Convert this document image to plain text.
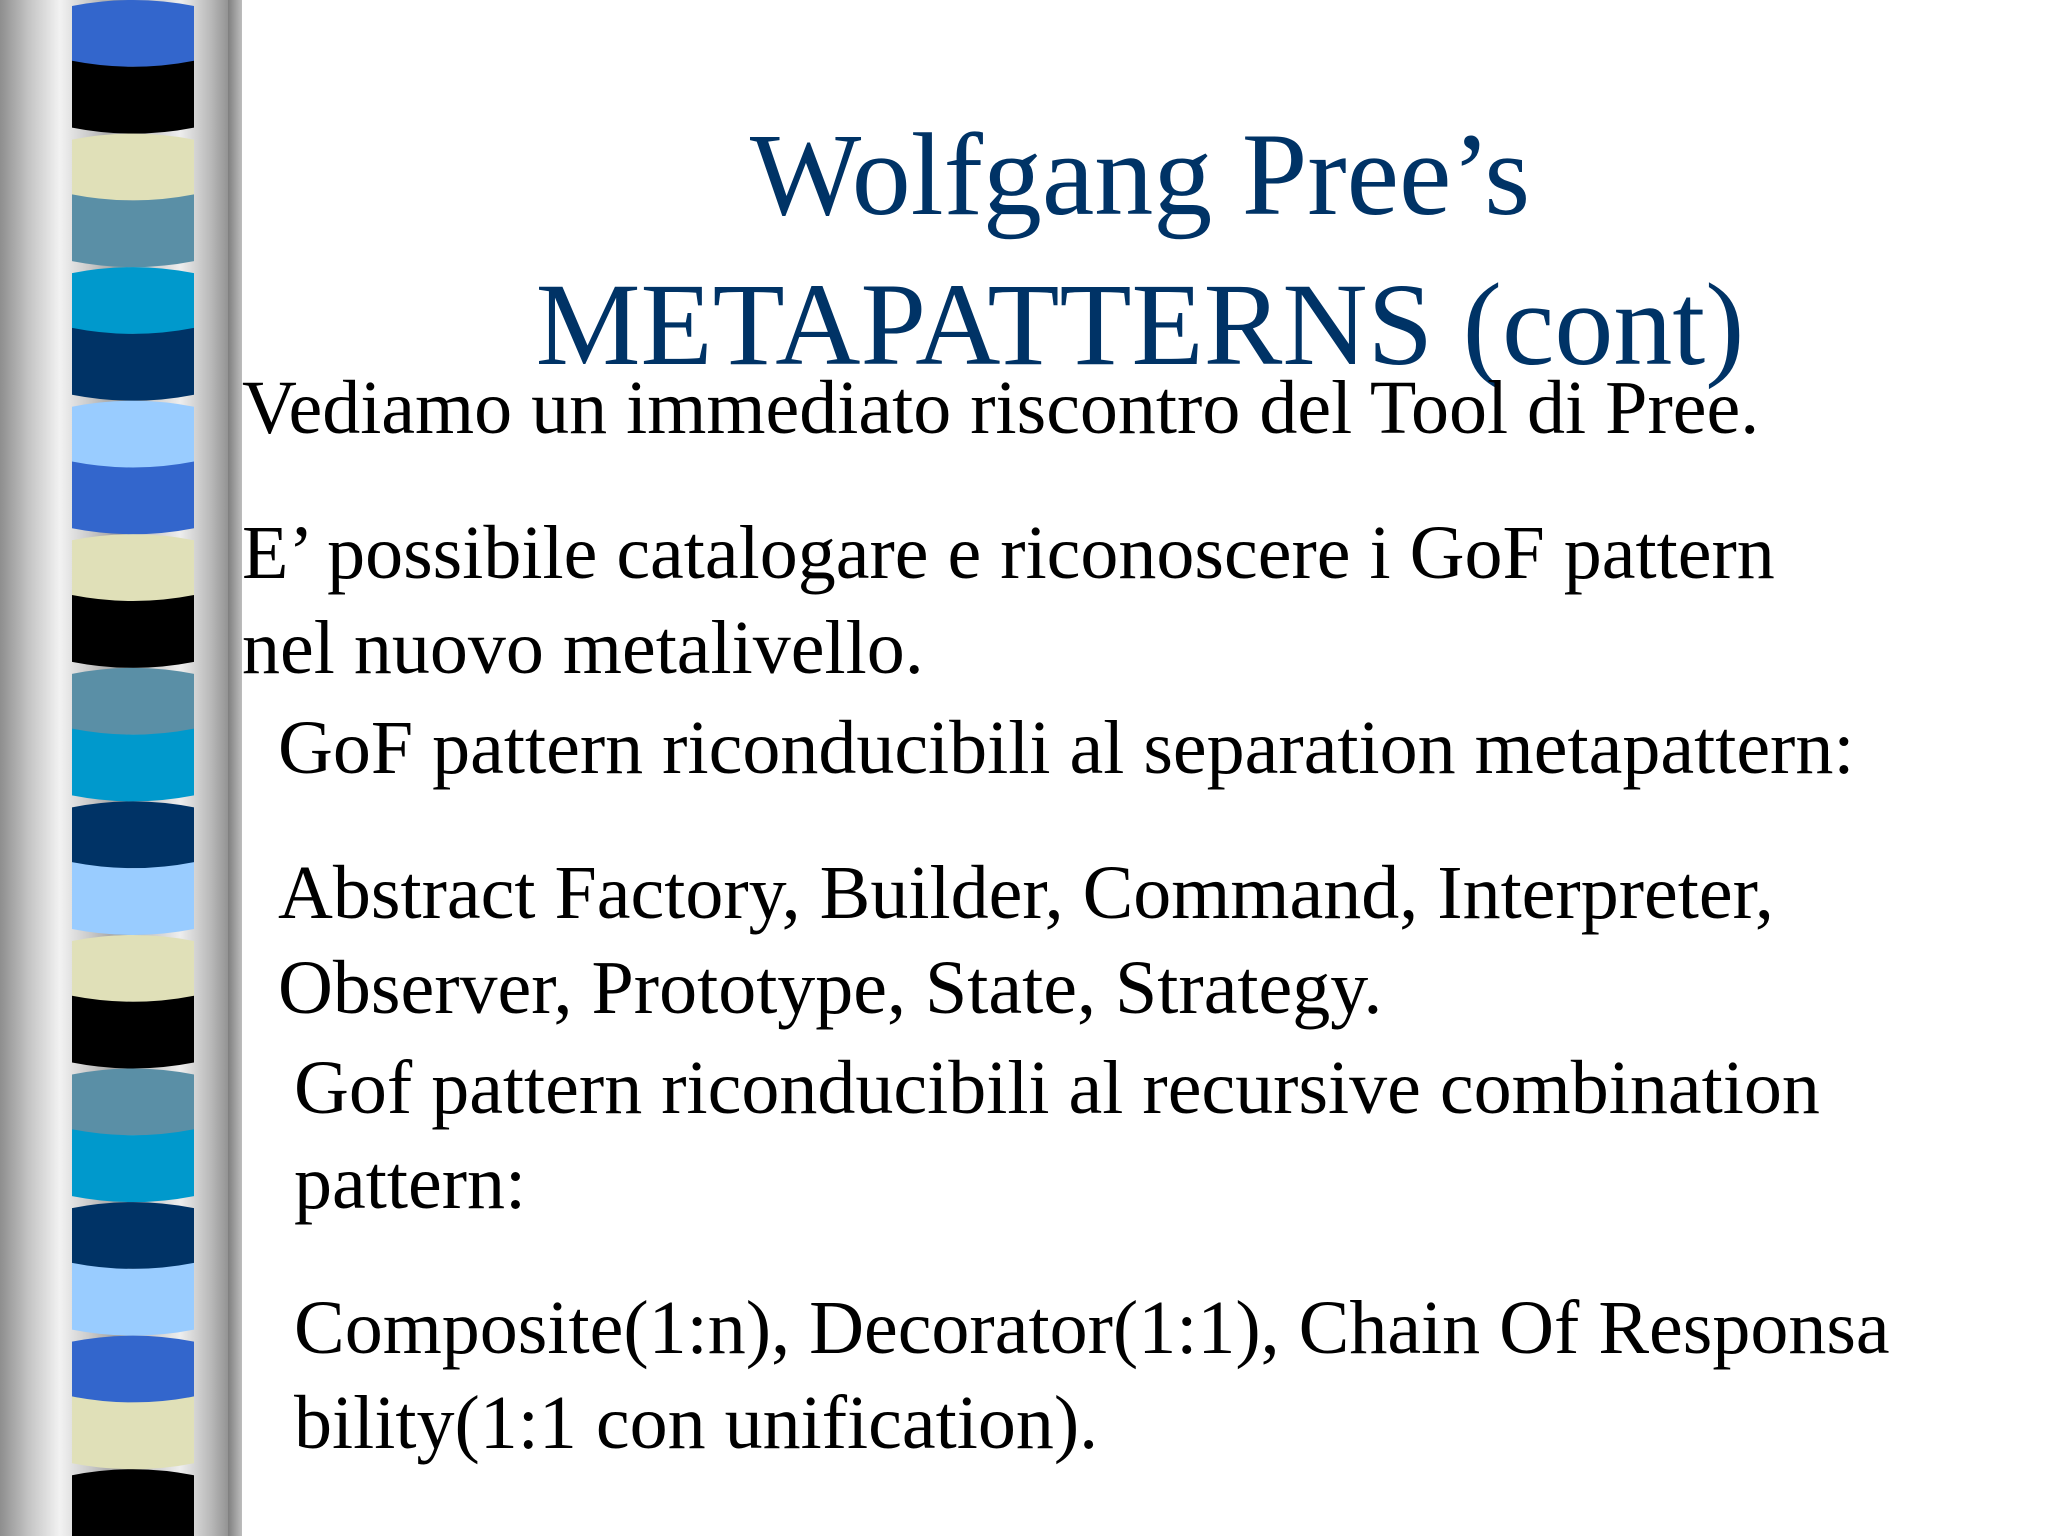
Wolfgang Pree’s
METAPATTERNS (cont)
Vediamo un immediato riscontro del Tool di Pree.
E’ possibile catalogare e riconoscere i GoF pattern
nel nuovo metalivello.
GoF pattern riconducibili al separation metapattern:
Abstract Factory, Builder, Command, Interpreter,
Observer, Prototype, State, Strategy.
Gof pattern riconducibili al recursive combination
pattern:
Composite(1:n), Decorator(1:1), Chain Of Responsa
bility(1:1 con unification).
